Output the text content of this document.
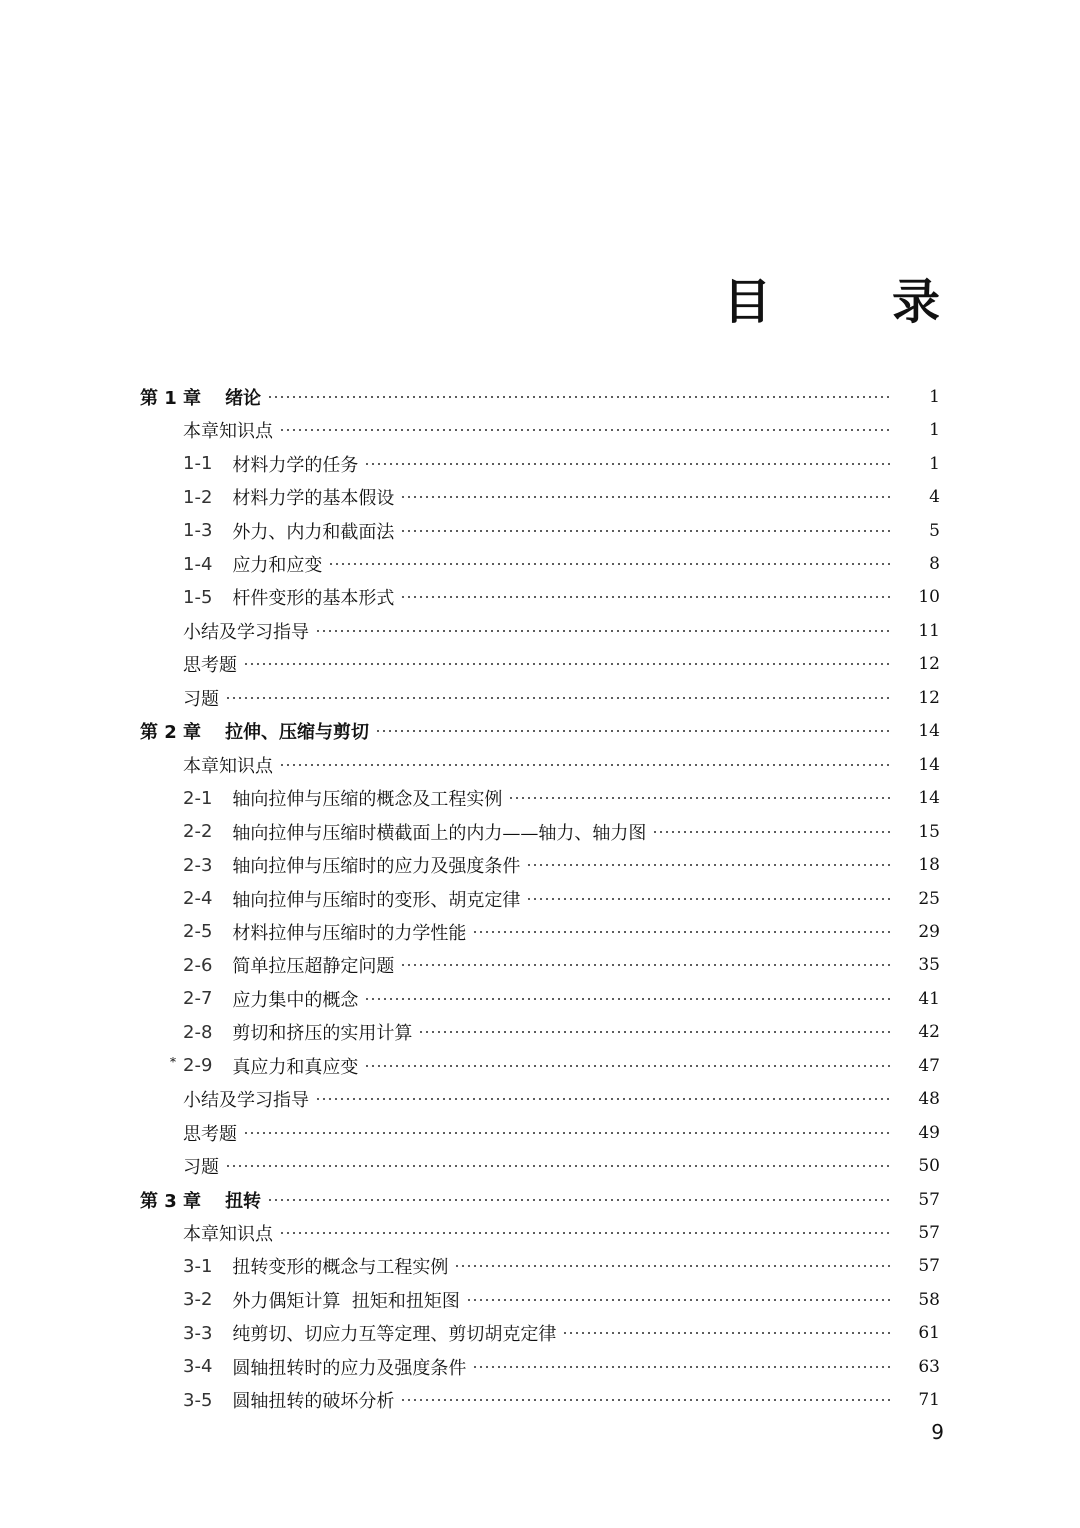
目 录
第 1 章 绪论	1
本章知识点	1
1-1 材料力学的任务	1
1-2 材料力学的基本假设	4
1-3 外力、内力和截面法	5
1-4 应力和应变	8
1-5 杆件变形的基本形式	10
小结及学习指导	11
思考题	12
习题	12
第 2 章 拉伸、压缩与剪切	14
本章知识点	14
2-1 轴向拉伸与压缩的概念及工程实例	14
2-2 轴向拉伸与压缩时横截面上的内力——轴力、轴力图	15
2-3 轴向拉伸与压缩时的应力及强度条件	18
2-4 轴向拉伸与压缩时的变形、胡克定律	25
2-5 材料拉伸与压缩时的力学性能	29
2-6 简单拉压超静定问题	35
2-7 应力集中的概念	41
2-8 剪切和挤压的实用计算	42
* 2-9 真应力和真应变	47
小结及学习指导	48
思考题	49
习题	50
第 3 章 扭转	57
本章知识点	57
3-1 扭转变形的概念与工程实例	57
3-2 外力偶矩计算  扭矩和扭矩图	58
3-3 纯剪切、切应力互等定理、剪切胡克定律	61
3-4 圆轴扭转时的应力及强度条件	63
3-5 圆轴扭转的破坏分析	71
9
